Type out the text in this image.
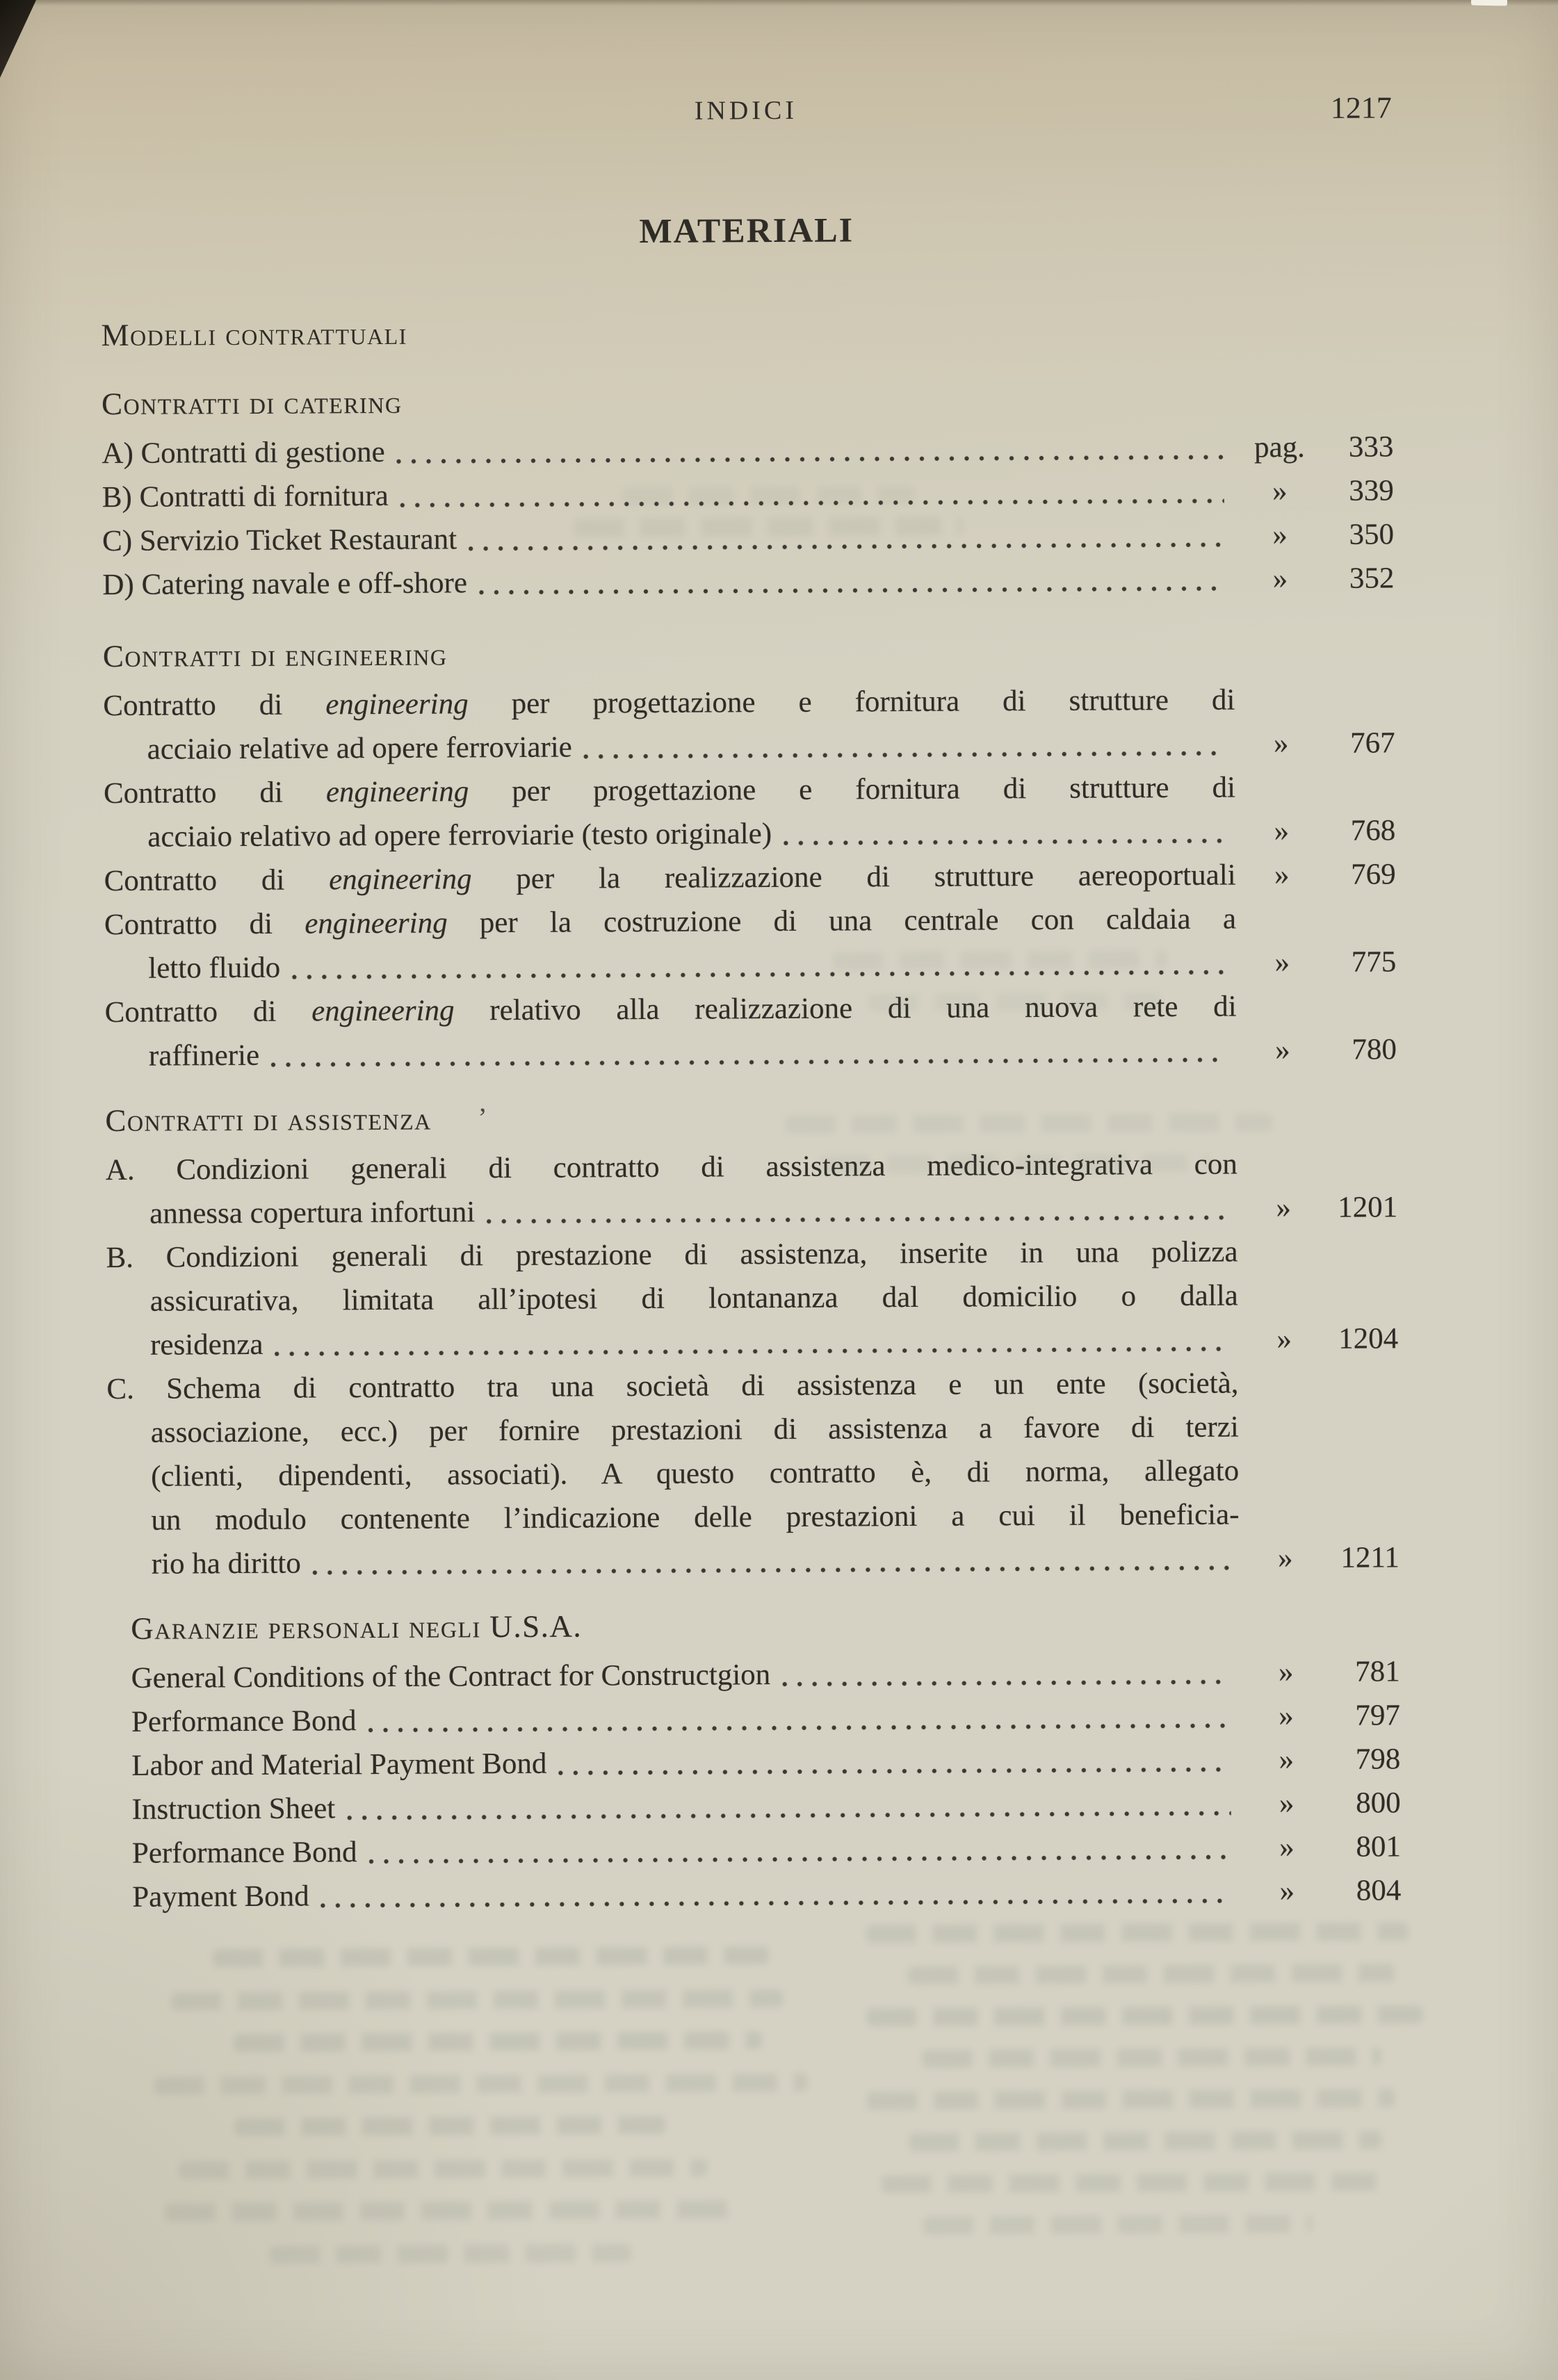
INDICI	1217
MATERIALI
Modelli contrattuali
Contratti di catering
A) Contratti di gestione	pag.	333
B) Contratti di fornitura	»	339
C) Servizio Ticket Restaurant	»	350
D) Catering navale e off-shore	»	352
Contratti di engineering
Contratto di engineering per progettazione e fornitura di strutture di
acciaio relative ad opere ferroviarie	»	767
Contratto di engineering per progettazione e fornitura di strutture di
acciaio relativo ad opere ferroviarie (testo originale)	»	768
Contratto di engineering per la realizzazione di strutture aereoportuali	»	769
Contratto di engineering per la costruzione di una centrale con caldaia a
letto fluido	»	775
Contratto di engineering relativo alla realizzazione di una nuova rete di
raffinerie	»	780
Contratti di assistenza
A. Condizioni generali di contratto di assistenza medico-integrativa con
annessa copertura infortuni	»	1201
B. Condizioni generali di prestazione di assistenza, inserite in una polizza
assicurativa, limitata all’ipotesi di lontananza dal domicilio o dalla
residenza	»	1204
C. Schema di contratto tra una società di assistenza e un ente (società,
associazione, ecc.) per fornire prestazioni di assistenza a favore di terzi
(clienti, dipendenti, associati). A questo contratto è, di norma, allegato
un modulo contenente l’indicazione delle prestazioni a cui il beneficia-
rio ha diritto	»	1211
Garanzie personali negli U.S.A.
General Conditions of the Contract for Constructgion	»	781
Performance Bond	»	797
Labor and Material Payment Bond	»	798
Instruction Sheet	»	800
Performance Bond	»	801
Payment Bond	»	804
’
